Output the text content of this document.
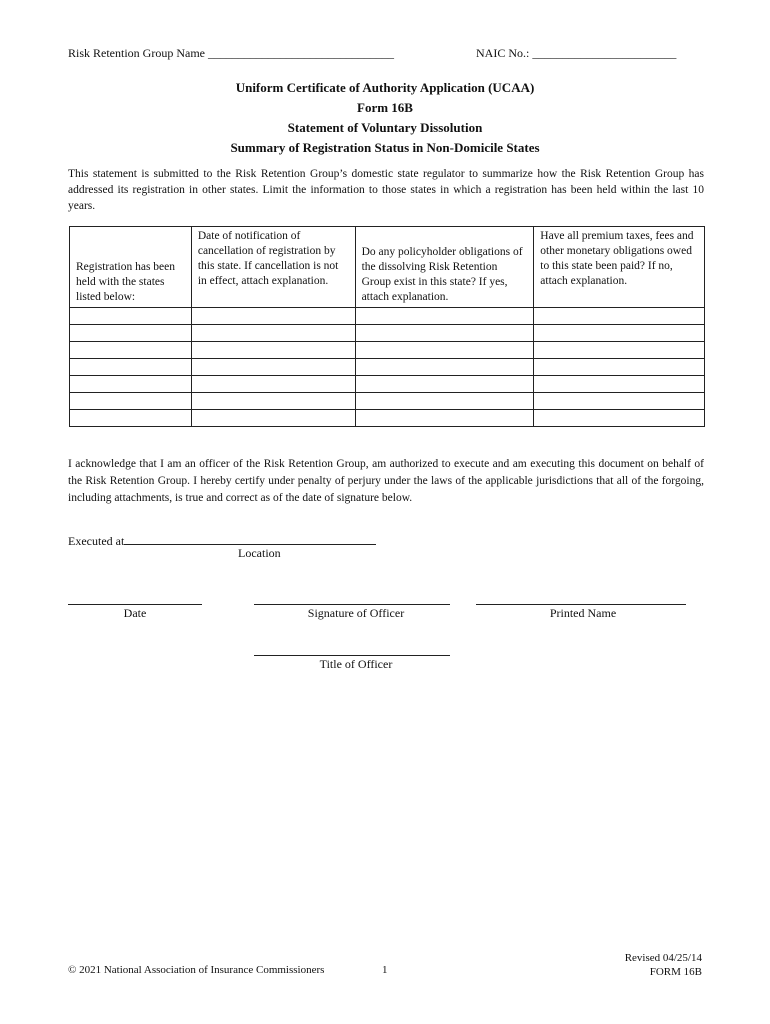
Risk Retention Group Name _______________________________	NAIC No.: ________________________
Uniform Certificate of Authority Application (UCAA)
Form 16B
Statement of Voluntary Dissolution
Summary of Registration Status in Non-Domicile States
This statement is submitted to the Risk Retention Group’s domestic state regulator to summarize how the Risk Retention Group has addressed its registration in other states. Limit the information to those states in which a registration has been held within the last 10 years.
Registration has been held with the states listed below:	Date of notification of cancellation of registration by this state. If cancellation is not in effect, attach explanation.	Do any policyholder obligations of the dissolving Risk Retention Group exist in this state? If yes, attach explanation.	Have all premium taxes, fees and other monetary obligations owed to this state been paid? If no, attach explanation.

I acknowledge that I am an officer of the Risk Retention Group, am authorized to execute and am executing this document on behalf of the Risk Retention Group. I hereby certify under penalty of perjury under the laws of the applicable jurisdictions that all of the forgoing, including attachments, is true and correct as of the date of signature below.
Executed at
Location
Date	Signature of Officer	Printed Name
Title of Officer
© 2021 National Association of Insurance Commissioners	1
Revised 04/25/14
FORM 16B
